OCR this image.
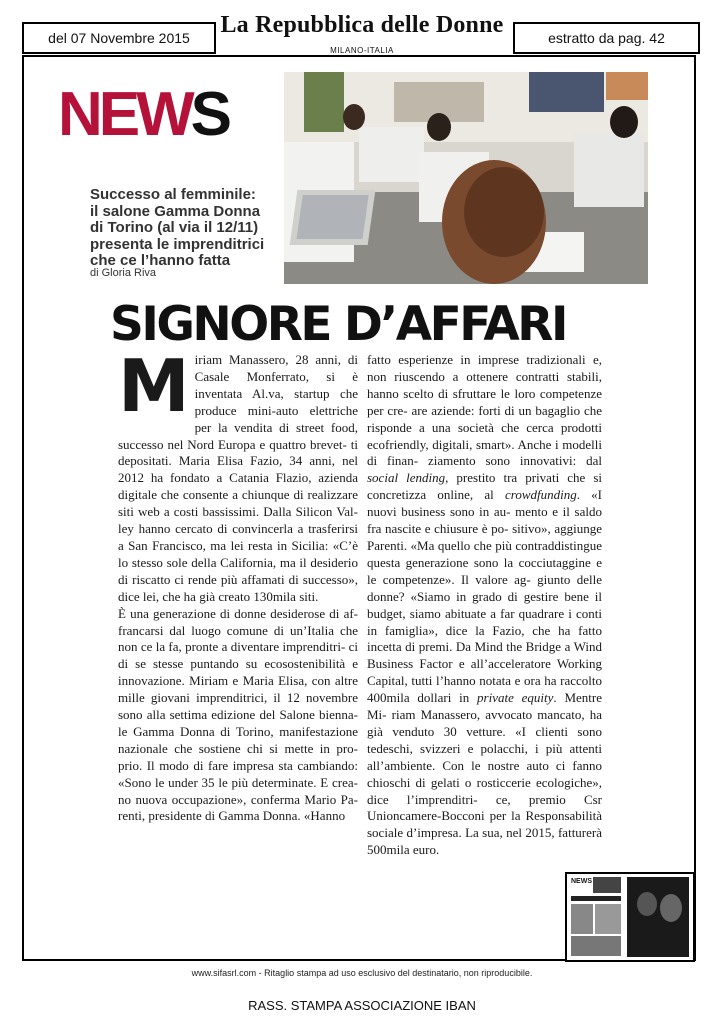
del 07 Novembre 2015	La Repubblica delle Donne
MILANO-ITALIA
estratto da pag. 42
NEWS
Successo al femminile:
il salone Gamma Donna
di Torino (al via il 12/11)
presenta le imprenditrici
che ce l’hanno fatta
di Gloria Riva
SIGNORE D’AFFARI
M iriam Manassero, 28 anni, di Casale Monferrato, si è inventata Al.va, startup che produce mini-auto elettriche per la vendita di street food, successo nel Nord Europa e quattro brevet- ti depositati. Maria Elisa Fazio, 34 anni, nel 2012 ha fondato a Catania Flazio, azienda digitale che consente a chiunque di realizzare siti web a costi bassissimi. Dalla Silicon Val- ley hanno cercato di convincerla a trasferirsi a San Francisco, ma lei resta in Sicilia: «C’è lo stesso sole della California, ma il desiderio di riscatto ci rende più affamati di successo», dice lei, che ha già creato 130mila siti.

È una generazione di donne desiderose di af- francarsi dal luogo comune di un’Italia che non ce la fa, pronte a diventare imprenditri- ci di se stesse puntando su ecosostenibilità e innovazione. Miriam e Maria Elisa, con altre mille giovani imprenditrici, il 12 novembre sono alla settima edizione del Salone bienna- le Gamma Donna di Torino, manifestazione nazionale che sostiene chi si mette in pro- prio. Il modo di fare impresa sta cambiando: «Sono le under 35 le più determinate. E crea- no nuova occupazione», conferma Mario Pa- renti, presidente di Gamma Donna. «Hanno

fatto esperienze in imprese tradizionali e, non riuscendo a ottenere contratti stabili, hanno scelto di sfruttare le loro competenze per cre- are aziende: forti di un bagaglio che risponde a una società che cerca prodotti ecofriendly, digitali, smart». Anche i modelli di finan- ziamento sono innovativi: dal social lending, prestito tra privati che si concretizza online, al crowdfunding. «I nuovi business sono in au- mento e il saldo fra nascite e chiusure è po- sitivo», aggiunge Parenti. «Ma quello che più contraddistingue questa generazione sono la cocciutaggine e le competenze». Il valore ag- giunto delle donne? «Siamo in grado di gestire bene il budget, siamo abituate a far quadrare i conti in famiglia», dice la Fazio, che ha fatto incetta di premi. Da Mind the Bridge a Wind Business Factor e all’acceleratore Working Capital, tutti l’hanno notata e ora ha raccolto 400mila dollari in private equity. Mentre Mi- riam Manassero, avvocato mancato, ha già venduto 30 vetture. «I clienti sono tedeschi, svizzeri e polacchi, i più attenti all’ambiente. Con le nostre auto ci fanno chioschi di gelati o rosticcerie ecologiche», dice l’imprenditri- ce, premio Csr Unioncamere-Bocconi per la Responsabilità sociale d’impresa. La sua, nel 2015, fatturerà 500mila euro.

NEWS
www.sifasrl.com - Ritaglio stampa ad uso esclusivo del destinatario, non riproducibile.
RASS. STAMPA ASSOCIAZIONE IBAN
